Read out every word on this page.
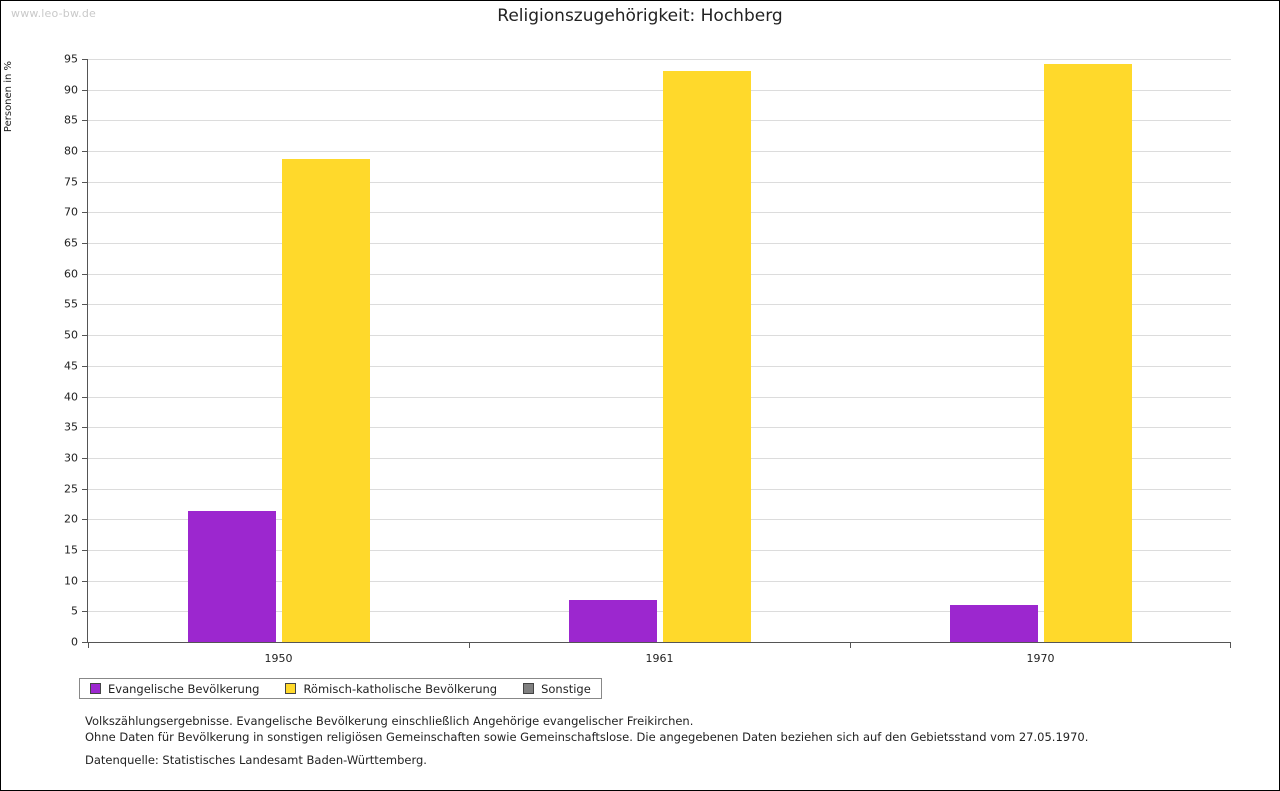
www.leo-bw.de	Religionszugehörigkeit: Hochberg
Personen in %
0
5
10
15
20
25
30
35
40
45
50
55
60
65
70
75
80
85
90
95
1950	1961	1970
Evangelische Bevölkerung	Römisch-katholische Bevölkerung	Sonstige
Volkszählungsergebnisse. Evangelische Bevölkerung einschließlich Angehörige evangelischer Freikirchen.
Ohne Daten für Bevölkerung in sonstigen religiösen Gemeinschaften sowie Gemeinschaftslose. Die angegebenen Daten beziehen sich auf den Gebietsstand vom 27.05.1970.
Datenquelle: Statistisches Landesamt Baden-Württemberg.
